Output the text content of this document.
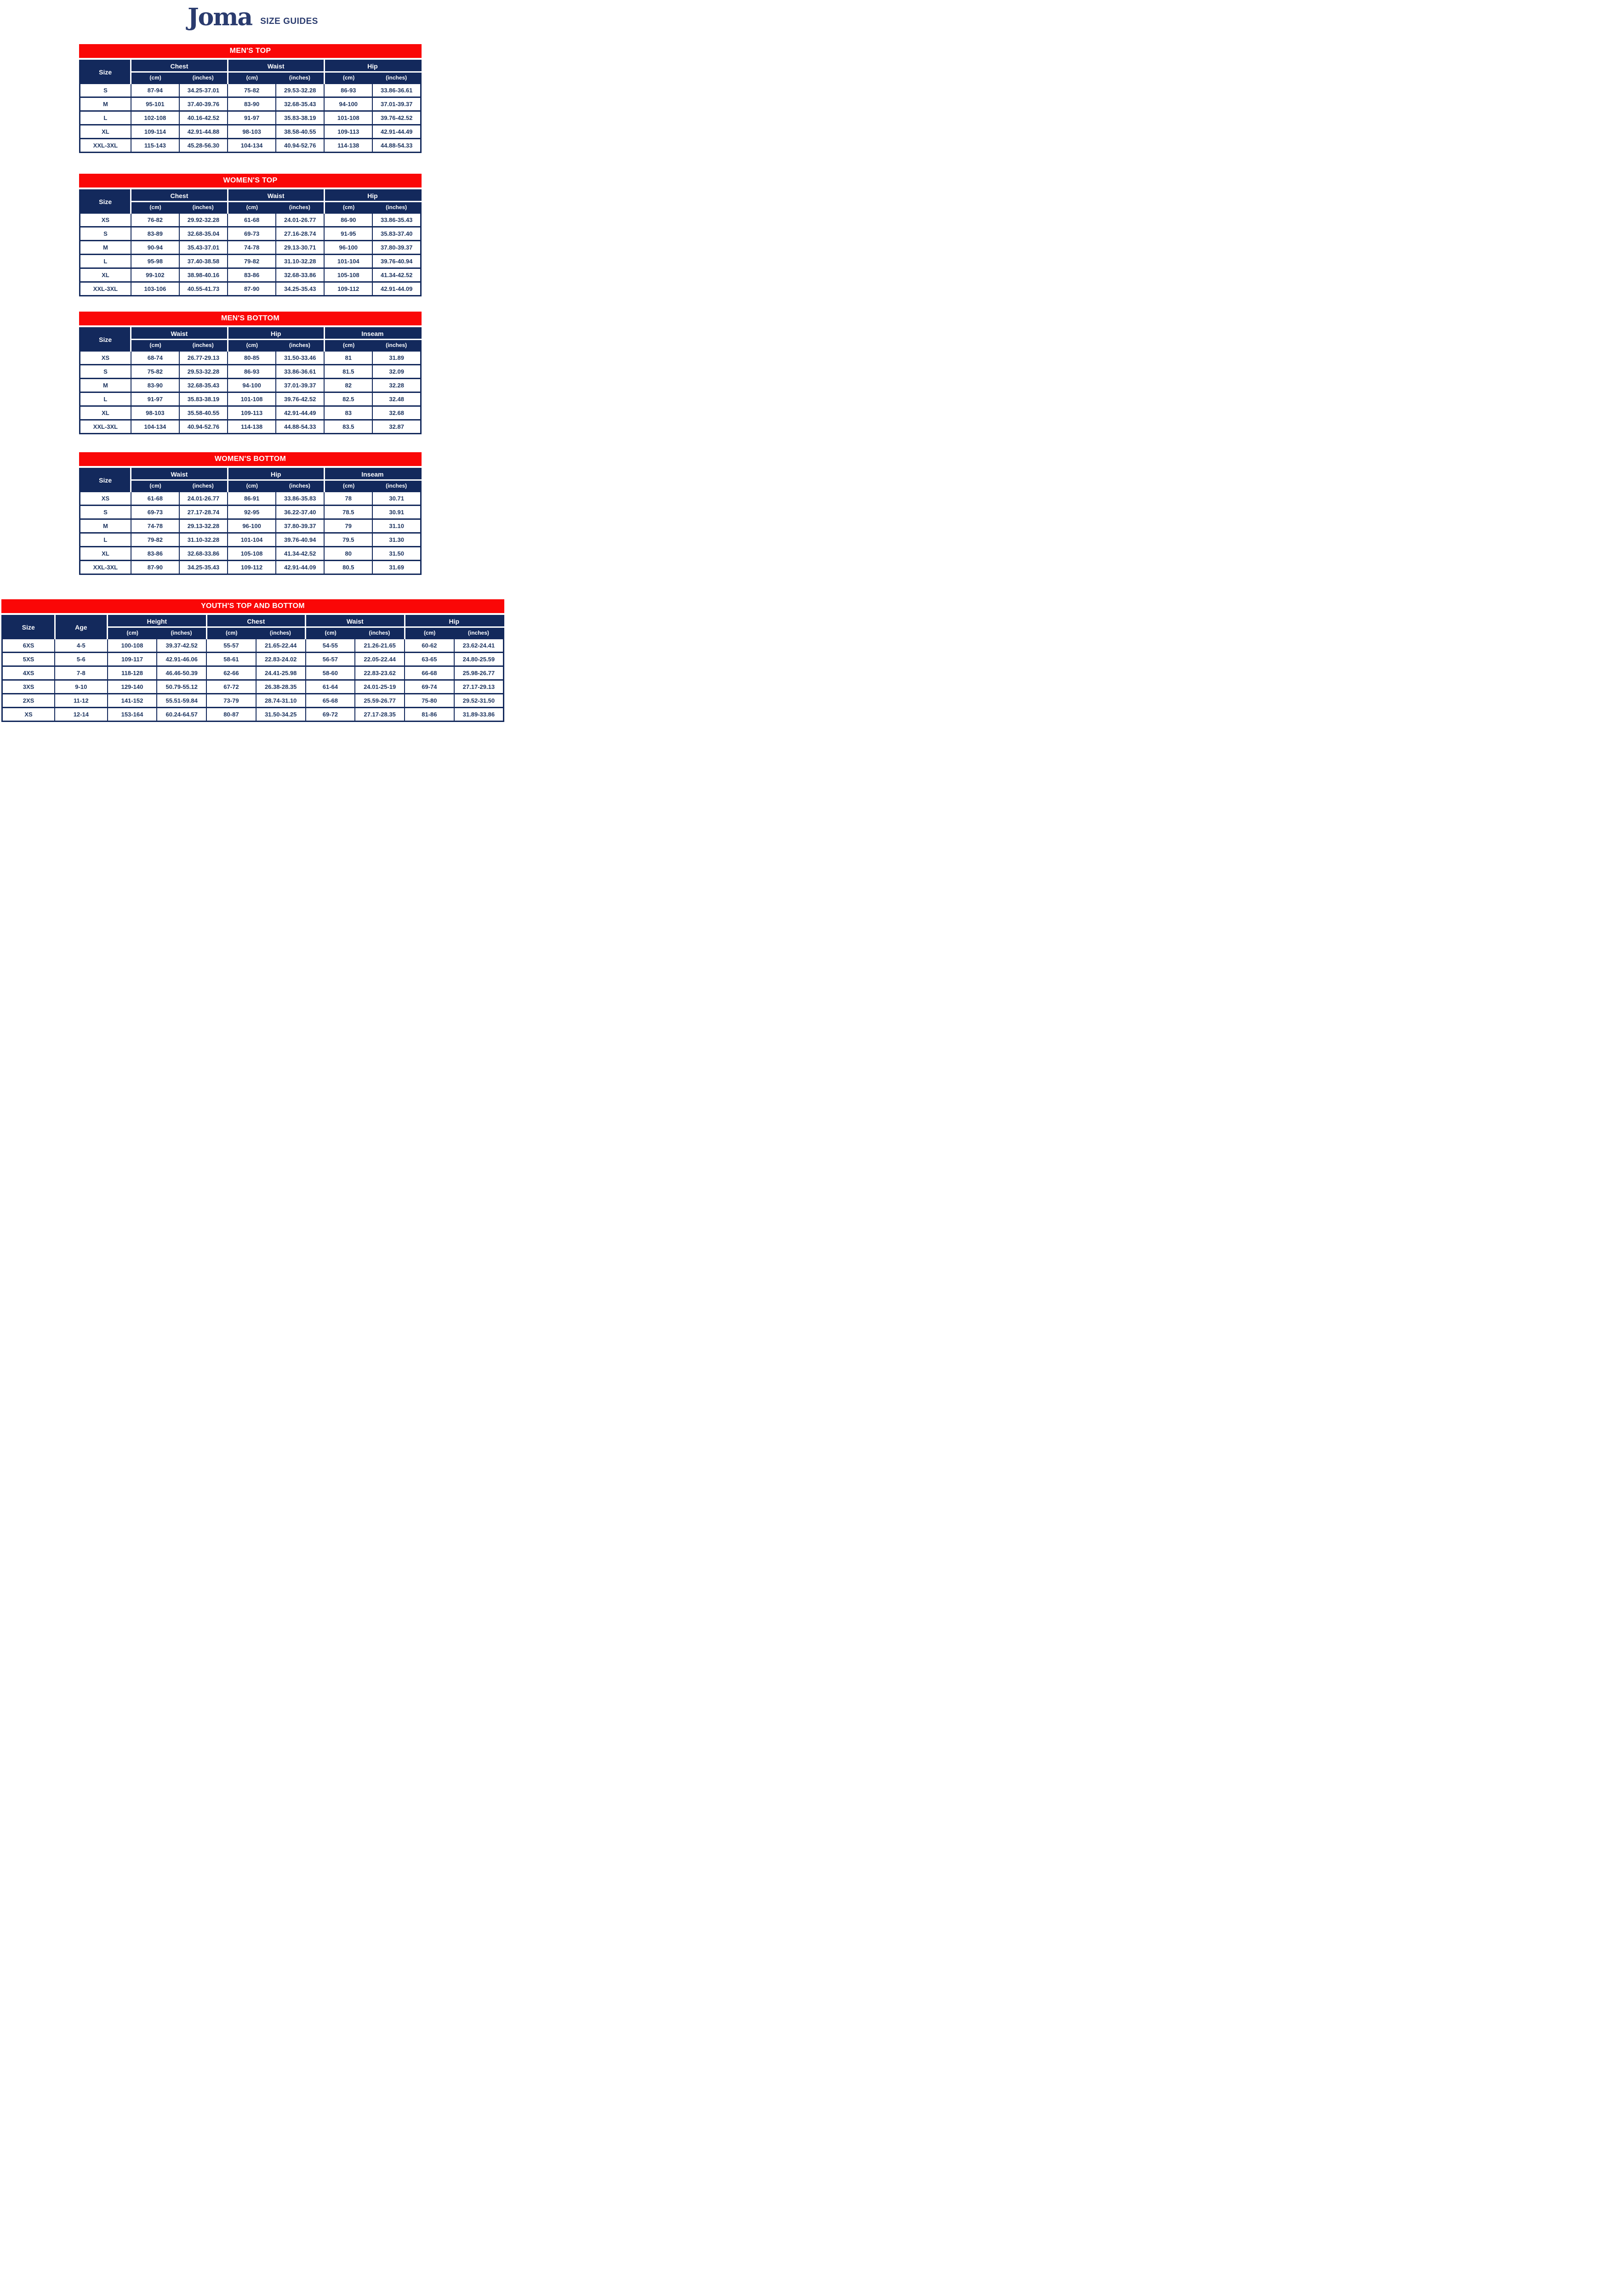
Joma SIZE GUIDES
MEN'S TOP
Size	Chest		Waist		Hip	
	(cm)	(inches)	(cm)	(inches)	(cm)	(inches)
S	87-94	34.25-37.01	75-82	29.53-32.28	86-93	33.86-36.61
M	95-101	37.40-39.76	83-90	32.68-35.43	94-100	37.01-39.37
L	102-108	40.16-42.52	91-97	35.83-38.19	101-108	39.76-42.52
XL	109-114	42.91-44.88	98-103	38.58-40.55	109-113	42.91-44.49
XXL-3XL	115-143	45.28-56.30	104-134	40.94-52.76	114-138	44.88-54.33
WOMEN'S TOP
Size	Chest		Waist		Hip	
	(cm)	(inches)	(cm)	(inches)	(cm)	(inches)
XS	76-82	29.92-32.28	61-68	24.01-26.77	86-90	33.86-35.43
S	83-89	32.68-35.04	69-73	27.16-28.74	91-95	35.83-37.40
M	90-94	35.43-37.01	74-78	29.13-30.71	96-100	37.80-39.37
L	95-98	37.40-38.58	79-82	31.10-32.28	101-104	39.76-40.94
XL	99-102	38.98-40.16	83-86	32.68-33.86	105-108	41.34-42.52
XXL-3XL	103-106	40.55-41.73	87-90	34.25-35.43	109-112	42.91-44.09
MEN'S BOTTOM
Size	Waist		Hip		Inseam	
	(cm)	(inches)	(cm)	(inches)	(cm)	(inches)
XS	68-74	26.77-29.13	80-85	31.50-33.46	81	31.89
S	75-82	29.53-32.28	86-93	33.86-36.61	81.5	32.09
M	83-90	32.68-35.43	94-100	37.01-39.37	82	32.28
L	91-97	35.83-38.19	101-108	39.76-42.52	82.5	32.48
XL	98-103	35.58-40.55	109-113	42.91-44.49	83	32.68
XXL-3XL	104-134	40.94-52.76	114-138	44.88-54.33	83.5	32.87
WOMEN'S BOTTOM
Size	Waist		Hip		Inseam	
	(cm)	(inches)	(cm)	(inches)	(cm)	(inches)
XS	61-68	24.01-26.77	86-91	33.86-35.83	78	30.71
S	69-73	27.17-28.74	92-95	36.22-37.40	78.5	30.91
M	74-78	29.13-32.28	96-100	37.80-39.37	79	31.10
L	79-82	31.10-32.28	101-104	39.76-40.94	79.5	31.30
XL	83-86	32.68-33.86	105-108	41.34-42.52	80	31.50
XXL-3XL	87-90	34.25-35.43	109-112	42.91-44.09	80.5	31.69
YOUTH'S TOP AND BOTTOM
Size	Age	Height		Chest		Waist		Hip	
		(cm)	(inches)	(cm)	(inches)	(cm)	(inches)	(cm)	(inches)
6XS	4-5	100-108	39.37-42.52	55-57	21.65-22.44	54-55	21.26-21.65	60-62	23.62-24.41
5XS	5-6	109-117	42.91-46.06	58-61	22.83-24.02	56-57	22.05-22.44	63-65	24.80-25.59
4XS	7-8	118-128	46.46-50.39	62-66	24.41-25.98	58-60	22.83-23.62	66-68	25.98-26.77
3XS	9-10	129-140	50.79-55.12	67-72	26.38-28.35	61-64	24.01-25-19	69-74	27.17-29.13
2XS	11-12	141-152	55.51-59.84	73-79	28.74-31.10	65-68	25.59-26.77	75-80	29.52-31.50
XS	12-14	153-164	60.24-64.57	80-87	31.50-34.25	69-72	27.17-28.35	81-86	31.89-33.86
